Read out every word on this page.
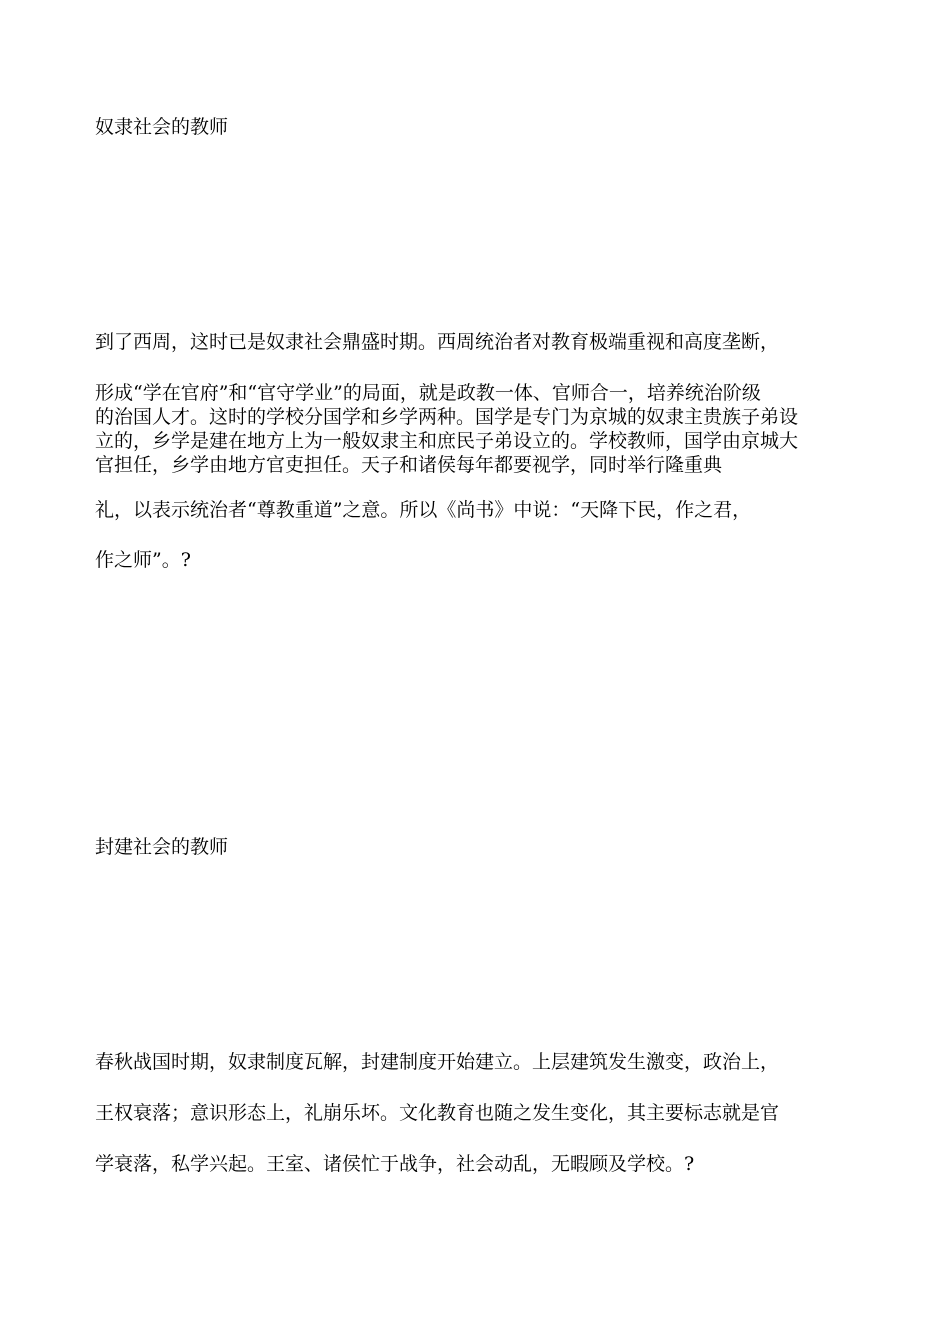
奴隶社会的教师

到了西周，这时已是奴隶社会鼎盛时期。西周统治者对教育极端重视和高度垄断，

形成“学在官府”和“官守学业”的局面，就是政教一体、官师合一，培养统治阶级

的治国人才。这时的学校分国学和乡学两种。国学是专门为京城的奴隶主贵族子弟设

立的，乡学是建在地方上为一般奴隶主和庶民子弟设立的。学校教师，国学由京城大

官担任，乡学由地方官吏担任。天子和诸侯每年都要视学，同时举行隆重典

礼，以表示统治者“尊教重道”之意。所以《尚书》中说：“天降下民，作之君，

作之师”。?

封建社会的教师

春秋战国时期，奴隶制度瓦解，封建制度开始建立。上层建筑发生激变，政治上，

王权衰落；意识形态上，礼崩乐坏。文化教育也随之发生变化，其主要标志就是官

学衰落，私学兴起。王室、诸侯忙于战争，社会动乱，无暇顾及学校。?
